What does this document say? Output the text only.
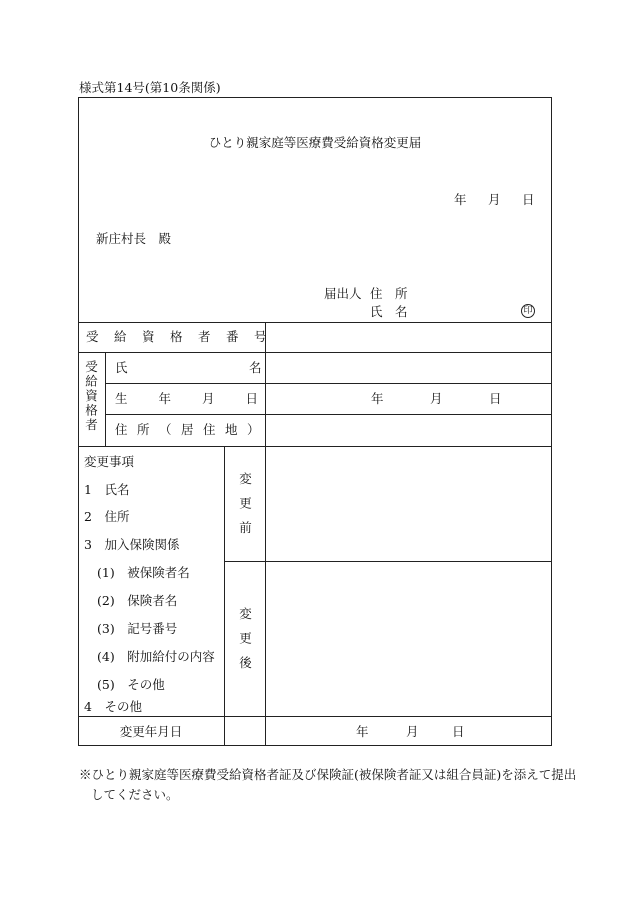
様式第14号(第10条関係)
ひとり親家庭等医療費受給資格変更届
年 月 日
新庄村長　殿
届出人 住　所
氏　名	印
受給資格者番号
受給資格者 氏	名
生年月日	年	月	日
住所（居住地）
変更事項
1　氏名
2　住所
3　加入保険関係
(1)　被保険者名
(2)　保険者名
(3)　記号番号
(4)　附加給付の内容
(5)　その他
4　その他
変更前
変更後
変更年月日	年	月	日
※ひとり親家庭等医療費受給資格者証及び保険証(被保険者証又は組合員証)を添えて提出
してください。
